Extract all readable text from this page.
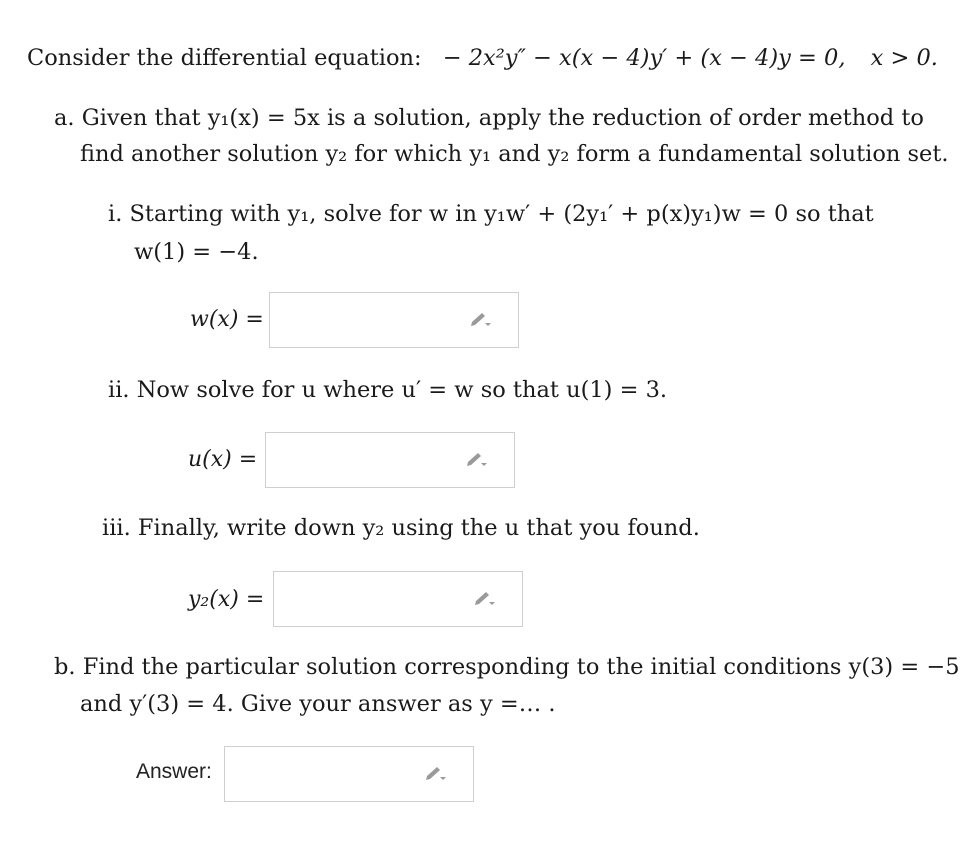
Consider the differential equation: − 2x²y″ − x(x − 4)y′ + (x − 4)y = 0, x > 0.
a. Given that y₁(x) = 5x is a solution, apply the reduction of order method to
find another solution y₂ for which y₁ and y₂ form a fundamental solution set.
i. Starting with y₁, solve for w in y₁w′ + (2y₁′ + p(x)y₁)w = 0 so that
w(1) = −4.
w(x) =
ii. Now solve for u where u′ = w so that u(1) = 3.
u(x) =
iii. Finally, write down y₂ using the u that you found.
y₂(x) =
b. Find the particular solution corresponding to the initial conditions y(3) = −5
and y′(3) = 4. Give your answer as y =… .
Answer:
